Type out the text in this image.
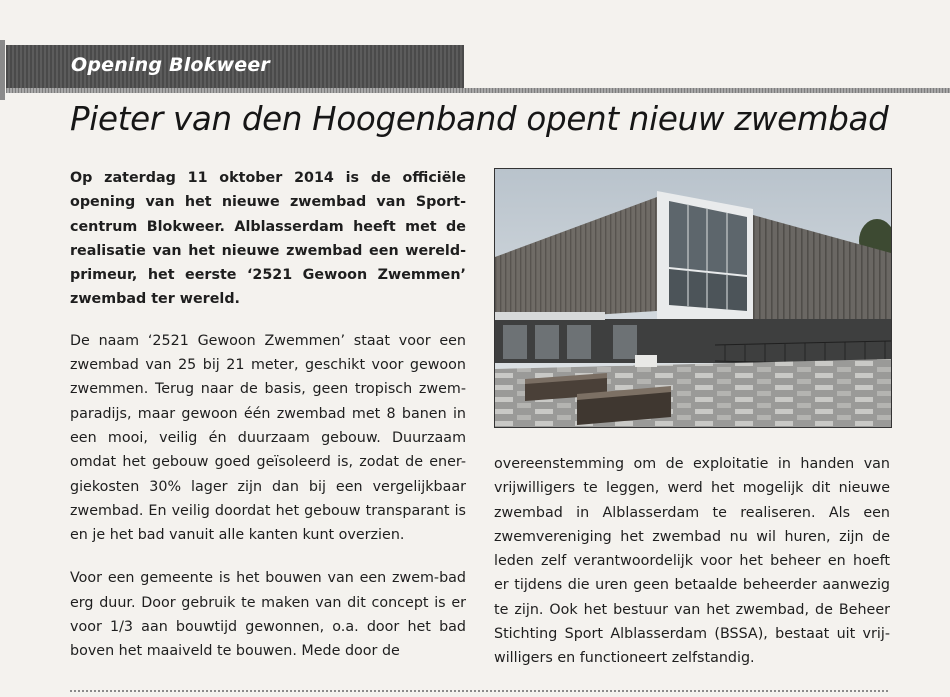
Opening Blokweer
Pieter van den Hoogenband opent nieuw zwembad

Op zaterdag 11 oktober 2014 is de officiële opening van het nieuwe zwembad van Sport-centrum Blokweer. Alblasserdam heeft met de realisatie van het nieuwe zwembad een wereld-primeur, het eerste ‘2521 Gewoon Zwemmen’ zwembad ter wereld.

De naam ‘2521 Gewoon Zwemmen’ staat voor een zwembad van 25 bij 21 meter, geschikt voor gewoon zwemmen. Terug naar de basis, geen tropisch zwem-paradijs, maar gewoon één zwembad met 8 banen in een mooi, veilig én duurzaam gebouw. Duurzaam omdat het gebouw goed geïsoleerd is, zodat de ener-giekosten 30% lager zijn dan bij een vergelijkbaar zwembad. En veilig doordat het gebouw transparant is en je het bad vanuit alle kanten kunt overzien.

Voor een gemeente is het bouwen van een zwem-bad erg duur. Door gebruik te maken van dit concept is er voor 1/3 aan bouwtijd gewonnen, o.a. door het bad boven het maaiveld te bouwen. Mede door de

overeenstemming om de exploitatie in handen van vrijwilligers te leggen, werd het mogelijk dit nieuwe zwembad in Alblasserdam te realiseren. Als een zwemvereniging het zwembad nu wil huren, zijn de leden zelf verantwoordelijk voor het beheer en hoeft er tijdens die uren geen betaalde beheerder aanwezig te zijn. Ook het bestuur van het zwembad, de Beheer Stichting Sport Alblasserdam (BSSA), bestaat uit vrij-willigers en functioneert zelfstandig.
